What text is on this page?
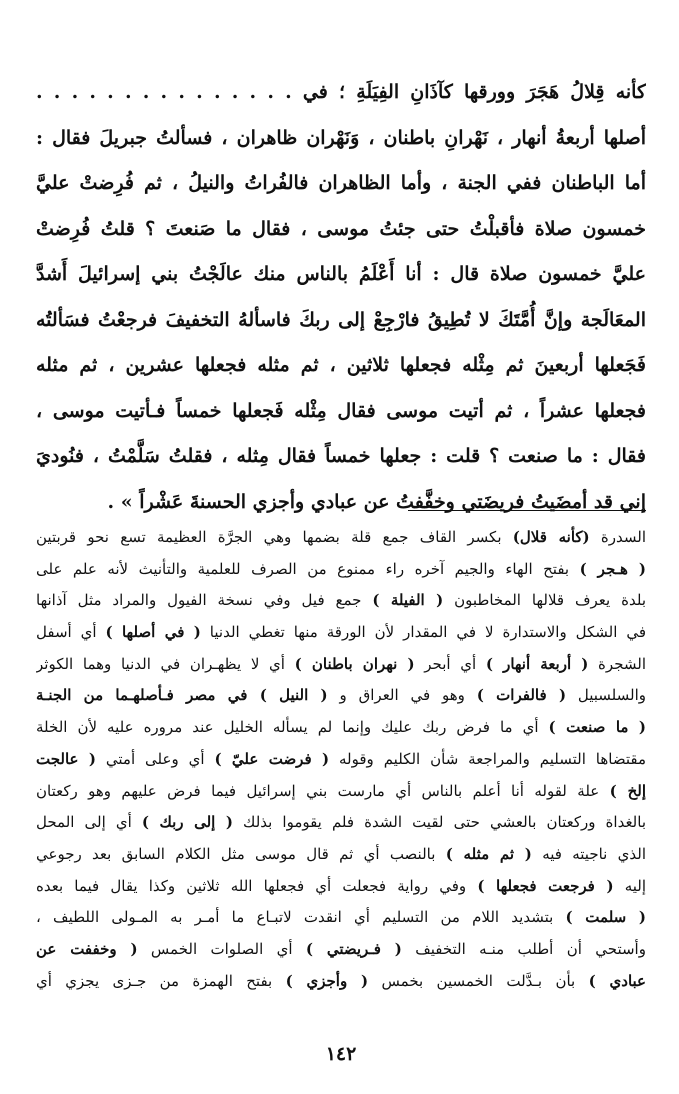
كأنه قِلالُ هَجَرَ وورقها كآذَانِ الفِيَلَةِ ؛ في . . . . . . . . . . . . . . .
أصلها أربعةُ أنهار ، نَهْرانِ باطنان ، وَنَهْران ظاهران ، فسألتُ جبريلَ فقال :
أما الباطنان ففي الجنة ، وأما الظاهران فالفُراتُ والنيلُ ، ثم فُرِضتْ عليَّ
خمسون صلاة فأقبلْتُ حتى جئتُ موسى ، فقال ما صَنعتَ ؟ قلتُ فُرِضتْ
عليَّ خمسون صلاة قال : أنا أَعْلَمُ بالناس منك عالَجْتُ بني إسرائيلَ أَشدَّ
المعَالَجة وإنَّ أُمَّتَكَ لا تُطِيقُ فارْجِعْ إلى ربكَ فاسألهُ التخفيفَ فرجعْتُ فسَألتُه
فَجَعلها أربعينَ ثم مِثْله فجعلها ثلاثين ، ثم مثله فجعلها عشرين ، ثم مثله
فجعلها عشراً ، ثم أتيت موسى فقال مِثْله فَجعلها خمساً فـأتيت موسى ،
فقال : ما صنعت ؟ قلت : جعلها خمساً فقال مِثله ، فقلتُ سَلَّمْتُ ، فنُوديَ
إني قد أمضَيتُ فريضَتي وخفَّفتُ عن عبادي وأجزي الحسنةَ عَشْراً » .
السدرة (كأنه قلال) بكسر القاف جمع قلة بضمها وهي الجرَّة العظيمة تسع نحو قربتين
( هـجر ) بفتح الهاء والجيم آخره راء ممنوع من الصرف للعلمية والتأنيث لأنه علم على
بلدة يعرف قلالها المخاطبون ( الفيلة ) جمع فيل وفي نسخة الفيول والمراد مثل آذانها
في الشكل والاستدارة لا في المقدار لأن الورقة منها تغطي الدنيا ( في أصلها ) أي أسفل
الشجرة ( أربعة أنهار ) أي أبحر ( نهران باطنان ) أي لا يظهـران في الدنيا وهما الكوثر
والسلسبيل ( فالفرات ) وهو في العراق و ( النيل ) في مصر فـأصلهـما من الجنـة
( ما صنعت ) أي ما فرض ربك عليك وإنما لم يسأله الخليل عند مروره عليه لأن الخلة
مقتضاها التسليم والمراجعة شأن الكليم وقوله ( فرضت عليّ ) أي وعلى أمتي ( عالجت
إلخ ) علة لقوله أنا أعلم بالناس أي مارست بني إسرائيل فيما فرض عليهم وهو ركعتان
بالغداة وركعتان بالعشي حتى لقيت الشدة فلم يقوموا بذلك ( إلى ربك ) أي إلى المحل
الذي ناجيته فيه ( ثم مثله ) بالنصب أي ثم قال موسى مثل الكلام السابق بعد رجوعي
إليه ( فرجعت فجعلها ) وفي رواية فجعلت أي فجعلها الله ثلاثين وكذا يقال فيما بعده
( سلمت ) بتشديد اللام من التسليم أي انقدت لاتبـاع ما أمـر به المـولى اللطيف ،
وأستحي أن أطلب منـه التخفيف ( فـريضتي ) أي الصلوات الخمس ( وخففت عن
عبادي ) بأن بـدَّلت الخمسين بخمس ( وأجزي ) بفتح الهمزة من جـزى يجزي أي
١٤٢
